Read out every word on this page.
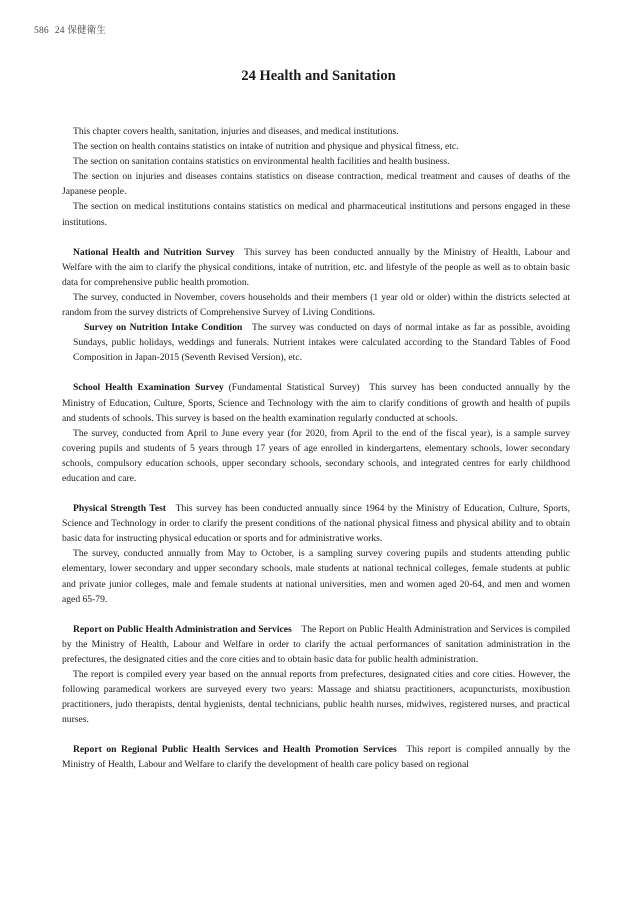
586 24 保健衛生
24 Health and Sanitation

This chapter covers health, sanitation, injuries and diseases, and medical institutions.

The section on health contains statistics on intake of nutrition and physique and physical fitness, etc.

The section on sanitation contains statistics on environmental health facilities and health business.

The section on injuries and diseases contains statistics on disease contraction, medical treatment and causes of deaths of the Japanese people.

The section on medical institutions contains statistics on medical and pharmaceutical institutions and persons engaged in these institutions.

National Health and Nutrition Survey  This survey has been conducted annually by the Ministry of Health, Labour and Welfare with the aim to clarify the physical conditions, intake of nutrition, etc. and lifestyle of the people as well as to obtain basic data for comprehensive public health promotion.

The survey, conducted in November, covers households and their members (1 year old or older) within the districts selected at random from the survey districts of Comprehensive Survey of Living Conditions.

Survey on Nutrition Intake Condition  The survey was conducted on days of normal intake as far as possible, avoiding Sundays, public holidays, weddings and funerals. Nutrient intakes were calculated according to the Standard Tables of Food Composition in Japan-2015 (Seventh Revised Version), etc.

School Health Examination Survey (Fundamental Statistical Survey)  This survey has been conducted annually by the Ministry of Education, Culture, Sports, Science and Technology with the aim to clarify conditions of growth and health of pupils and students of schools. This survey is based on the health examination regularly conducted at schools.

The survey, conducted from April to June every year (for 2020, from April to the end of the fiscal year), is a sample survey covering pupils and students of 5 years through 17 years of age enrolled in kindergartens, elementary schools, lower secondary schools, compulsory education schools, upper secondary schools, secondary schools, and integrated centres for early childhood education and care.

Physical Strength Test  This survey has been conducted annually since 1964 by the Ministry of Education, Culture, Sports, Science and Technology in order to clarify the present conditions of the national physical fitness and physical ability and to obtain basic data for instructing physical education or sports and for administrative works.

The survey, conducted annually from May to October, is a sampling survey covering pupils and students attending public elementary, lower secondary and upper secondary schools, male students at national technical colleges, female students at public and private junior colleges, male and female students at national universities, men and women aged 20-64, and men and women aged 65-79.

Report on Public Health Administration and Services  The Report on Public Health Administration and Services is compiled by the Ministry of Health, Labour and Welfare in order to clarify the actual performances of sanitation administration in the prefectures, the designated cities and the core cities and to obtain basic data for public health administration.

The report is compiled every year based on the annual reports from prefectures, designated cities and core cities. However, the following paramedical workers are surveyed every two years: Massage and shiatsu practitioners, acupuncturists, moxibustion practitioners, judo therapists, dental hygienists, dental technicians, public health nurses, midwives, registered nurses, and practical nurses.

Report on Regional Public Health Services and Health Promotion Services  This report is compiled annually by the Ministry of Health, Labour and Welfare to clarify the development of health care policy based on regional
